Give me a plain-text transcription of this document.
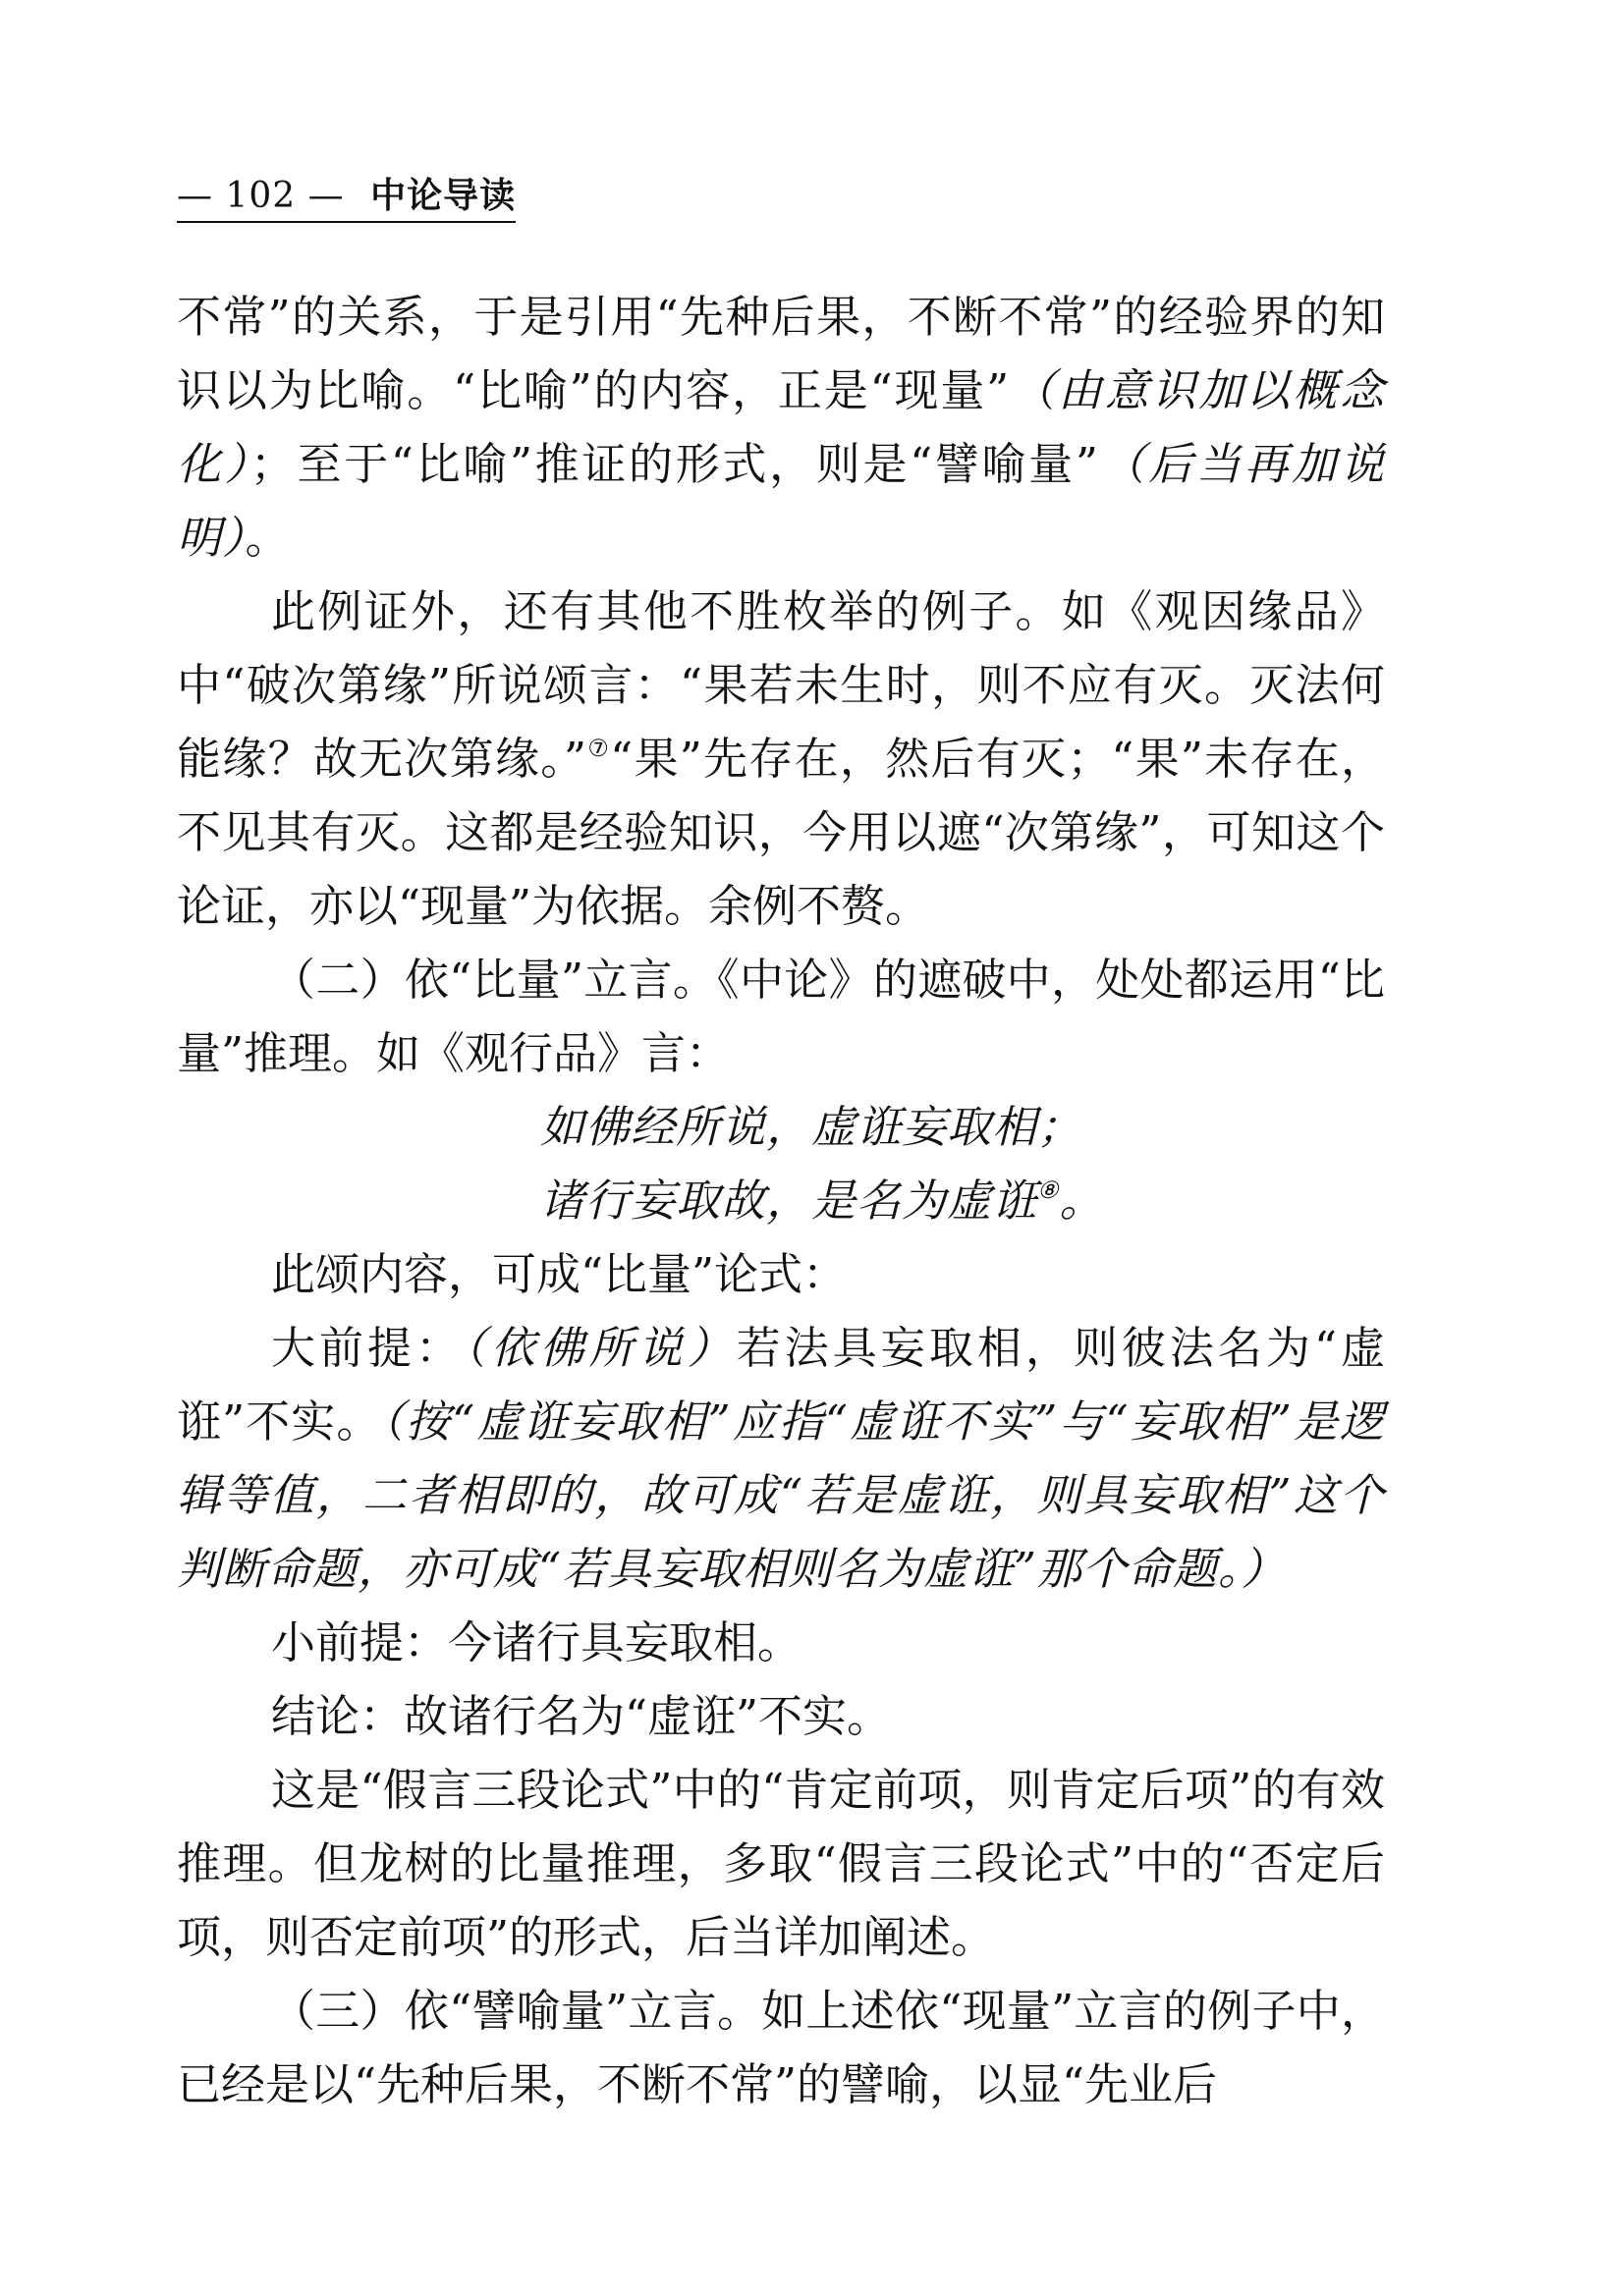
— 102 — 中论导读

不常”的关系，于是引用“先种后果，不断不常”的经验界的知识以为比喻。“比喻”的内容，正是“现量”（由意识加以概念化）；至于“比喻”推证的形式，则是“譬喻量”（后当再加说明）。

此例证外，还有其他不胜枚举的例子。如《观因缘品》中“破次第缘”所说颂言：“果若未生时，则不应有灭。灭法何能缘？故无次第缘。”⑦“果”先存在，然后有灭；“果”未存在，不见其有灭。这都是经验知识，今用以遮“次第缘”，可知这个论证，亦以“现量”为依据。余例不赘。

（二）依“比量”立言。《中论》的遮破中，处处都运用“比量”推理。如《观行品》言：

如佛经所说，虚诳妄取相；

诸行妄取故，是名为虚诳⑧。

此颂内容，可成“比量”论式：

大前提：（依佛所说）若法具妄取相，则彼法名为“虚诳”不实。（按“虚诳妄取相”应指“虚诳不实”与“妄取相”是逻辑等值，二者相即的，故可成“若是虚诳，则具妄取相”这个判断命题，亦可成“若具妄取相则名为虚诳”那个命题。）

小前提：今诸行具妄取相。

结论：故诸行名为“虚诳”不实。

这是“假言三段论式”中的“肯定前项，则肯定后项”的有效推理。但龙树的比量推理，多取“假言三段论式”中的“否定后项，则否定前项”的形式，后当详加阐述。

（三）依“譬喻量”立言。如上述依“现量”立言的例子中，已经是以“先种后果，不断不常”的譬喻，以显“先业后
